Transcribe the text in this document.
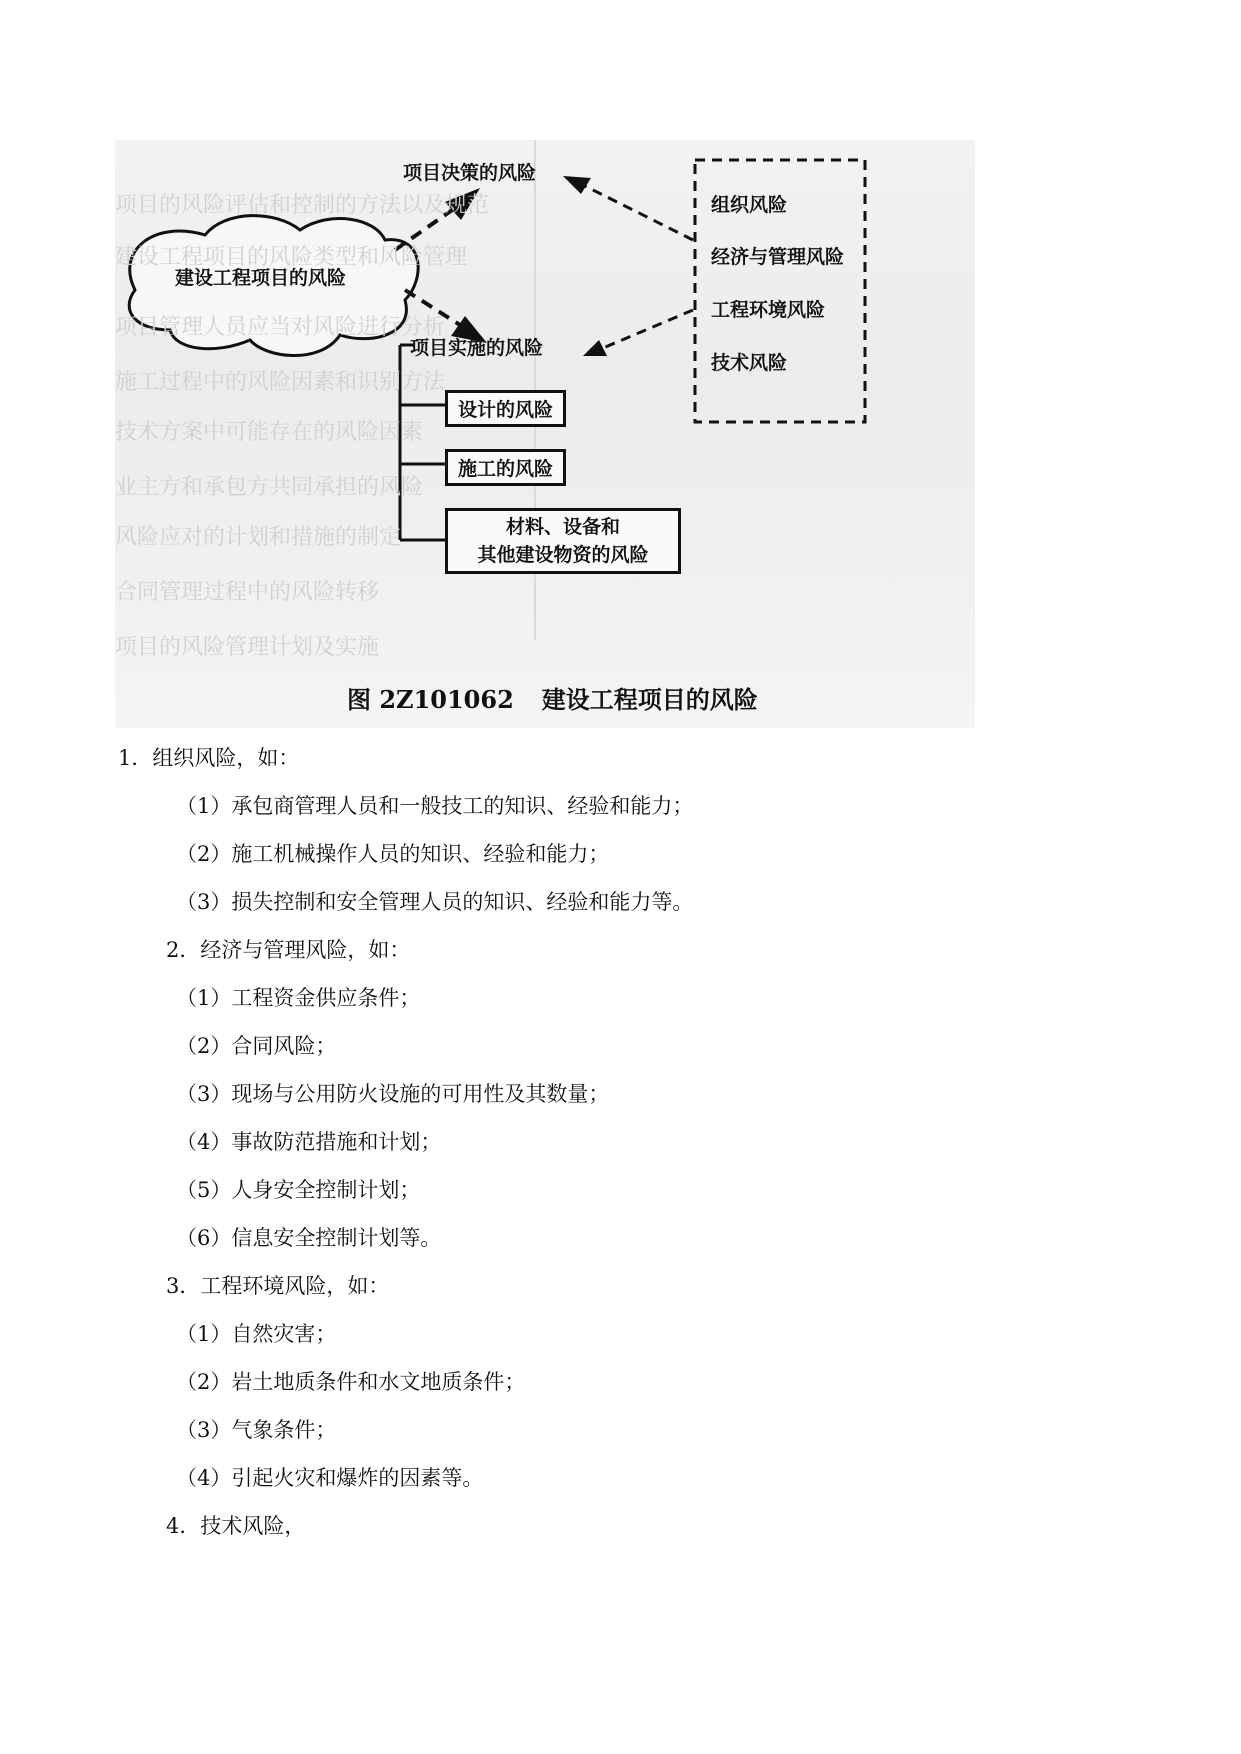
项目的风险评估和控制的方法以及规范
建设工程项目的风险类型和风险管理
项目管理人员应当对风险进行分析
施工过程中的风险因素和识别方法
技术方案中可能存在的风险因素
业主方和承包方共同承担的风险
风险应对的计划和措施的制定
合同管理过程中的风险转移
项目的风险管理计划及实施
建设工程项目的风险
项目决策的风险
项目实施的风险
设计的风险
施工的风险
材料、设备和
其他建设物资的风险
组织风险
经济与管理风险
工程环境风险
技术风险
图 2Z101062 建设工程项目的风险
1．组织风险，如：
（1）承包商管理人员和一般技工的知识、经验和能力；
（2）施工机械操作人员的知识、经验和能力；
（3）损失控制和安全管理人员的知识、经验和能力等。
2．经济与管理风险，如：
（1）工程资金供应条件；
（2）合同风险；
（3）现场与公用防火设施的可用性及其数量；
（4）事故防范措施和计划；
（5）人身安全控制计划；
（6）信息安全控制计划等。
3．工程环境风险，如：
（1）自然灾害；
（2）岩土地质条件和水文地质条件；
（3）气象条件；
（4）引起火灾和爆炸的因素等。
4．技术风险，
